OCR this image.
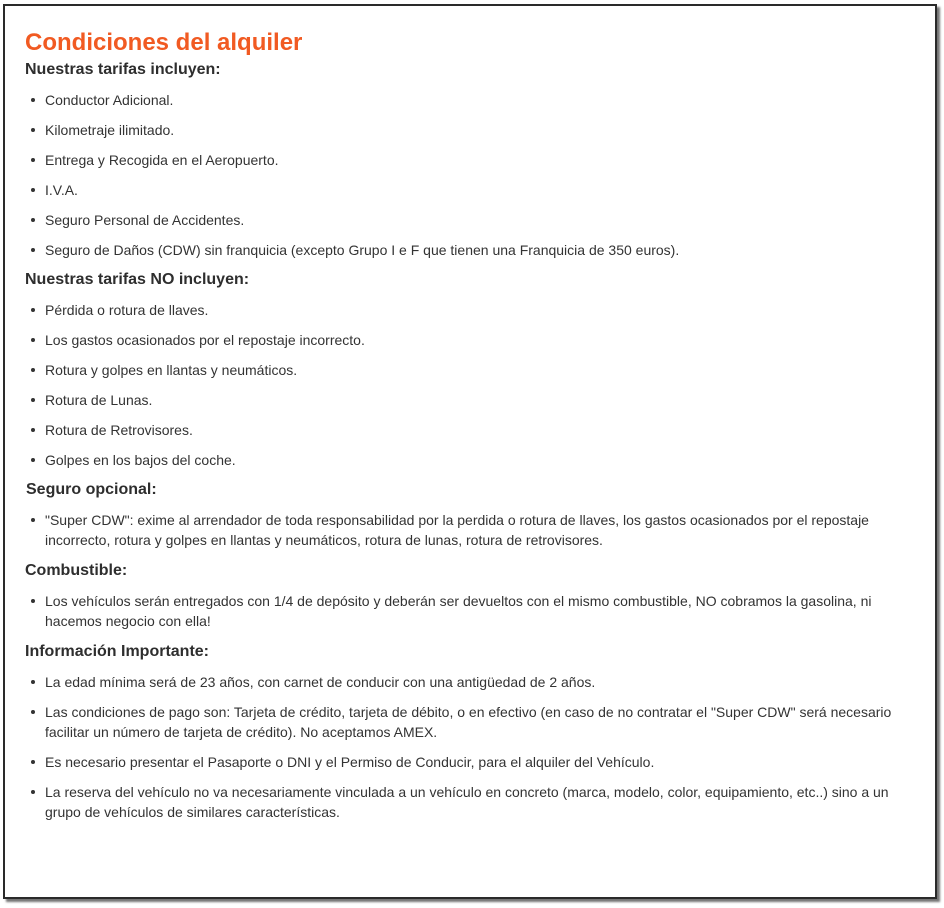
Condiciones del alquiler
Nuestras tarifas incluyen:
Conductor Adicional.
Kilometraje ilimitado.
Entrega y Recogida en el Aeropuerto.
I.V.A.
Seguro Personal de Accidentes.
Seguro de Daños (CDW) sin franquicia (excepto Grupo I e F que tienen una Franquicia de 350 euros).
Nuestras tarifas NO incluyen:
Pérdida o rotura de llaves.
Los gastos ocasionados por el repostaje incorrecto.
Rotura y golpes en llantas y neumáticos.
Rotura de Lunas.
Rotura de Retrovisores.
Golpes en los bajos del coche.
Seguro opcional:
"Super CDW": exime al arrendador de toda responsabilidad por la perdida o rotura de llaves, los gastos ocasionados por el repostaje incorrecto, rotura y golpes en llantas y neumáticos, rotura de lunas, rotura de retrovisores.
Combustible:
Los vehículos serán entregados con 1/4 de depósito y deberán ser devueltos con el mismo combustible, NO cobramos la gasolina, ni hacemos negocio con ella!
Información Importante:
La edad mínima será de 23 años, con carnet de conducir con una antigüedad de 2 años.
Las condiciones de pago son: Tarjeta de crédito, tarjeta de débito, o en efectivo (en caso de no contratar el "Super CDW" será necesario facilitar un número de tarjeta de crédito). No aceptamos AMEX.
Es necesario presentar el Pasaporte o DNI y el Permiso de Conducir, para el alquiler del Vehículo.
La reserva del vehículo no va necesariamente vinculada a un vehículo en concreto (marca, modelo, color, equipamiento, etc..) sino a un grupo de vehículos de similares características.
